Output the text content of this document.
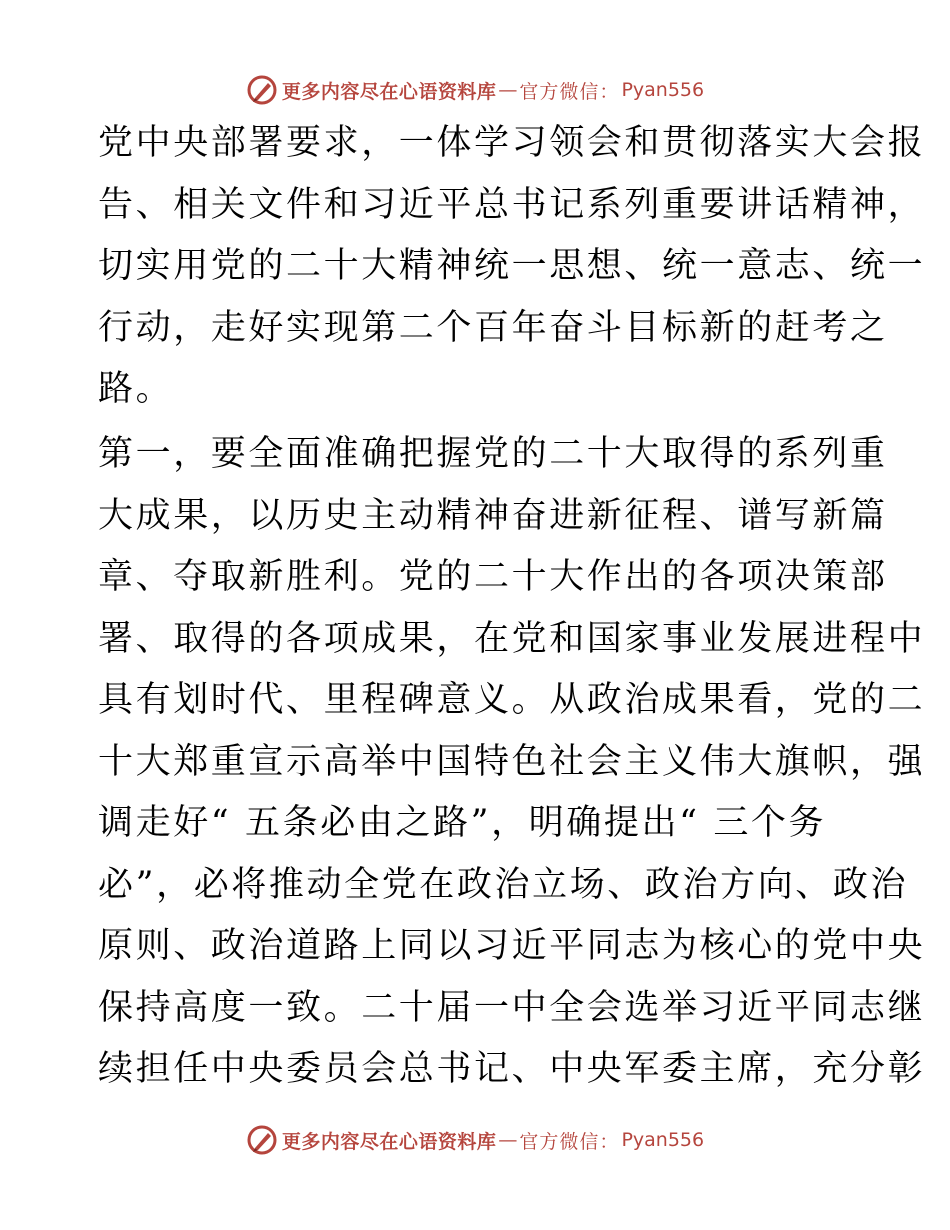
更多内容尽在心语资料库 — 官方微信： Pyan556
党中央部署要求，一体学习领会和贯彻落实大会报
告、相关文件和习近平总书记系列重要讲话精神，
切实用党的二十大精神统一思想、统一意志、统一
行动，走好实现第二个百年奋斗目标新的赶考之
路。
第一，要全面准确把握党的二十大取得的系列重
大成果，以历史主动精神奋进新征程、谱写新篇
章、夺取新胜利。党的二十大作出的各项决策部
署、取得的各项成果，在党和国家事业发展进程中
具有划时代、里程碑意义。从政治成果看，党的二
十大郑重宣示高举中国特色社会主义伟大旗帜，强
调走好“ 五条必由之路”，明确提出“ 三个务
必”，必将推动全党在政治立场、政治方向、政治
原则、政治道路上同以习近平同志为核心的党中央
保持高度一致。二十届一中全会选举习近平同志继
续担任中央委员会总书记、中央军委主席，充分彰
更多内容尽在心语资料库 — 官方微信： Pyan556
